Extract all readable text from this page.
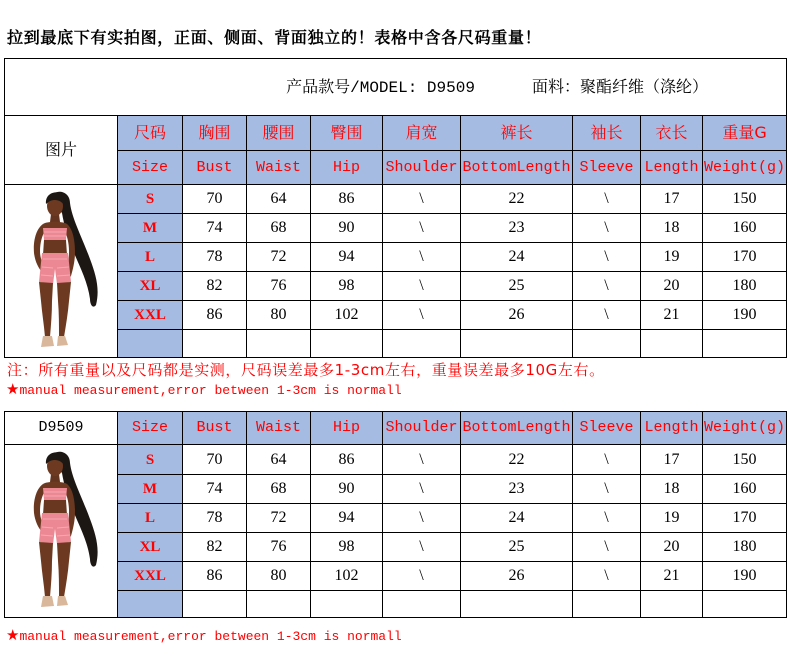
拉到最底下有实拍图，正面、侧面、背面独立的！表格中含各尺码重量！
产品款号/MODEL: D9509 面料：聚酯纤维（涤纶）									
图片	尺码	胸围	腰围	臀围	肩宽	裤长	袖长	衣长	重量G
	Size	Bust	Waist	Hip	Shoulder	BottomLength	Sleeve	Length	Weight(g)

	S	70	64	86	\	22	\	17	150
	M	74	68	90	\	23	\	18	160
	L	78	72	94	\	24	\	19	170
	XL	82	76	98	\	25	\	20	180
	XXL	86	80	102	\	26	\	21	190

注：所有重量以及尺码都是实测，尺码误差最多1-3cm左右，重量误差最多10G左右。
★manual measurement,error between 1-3cm is normall
D9509	Size	Bust	Waist	Hip	Shoulder	BottomLength	Sleeve	Length	Weight(g)

	S	70	64	86	\	22	\	17	150
	M	74	68	90	\	23	\	18	160
	L	78	72	94	\	24	\	19	170
	XL	82	76	98	\	25	\	20	180
	XXL	86	80	102	\	26	\	21	190

★manual measurement,error between 1-3cm is normall
